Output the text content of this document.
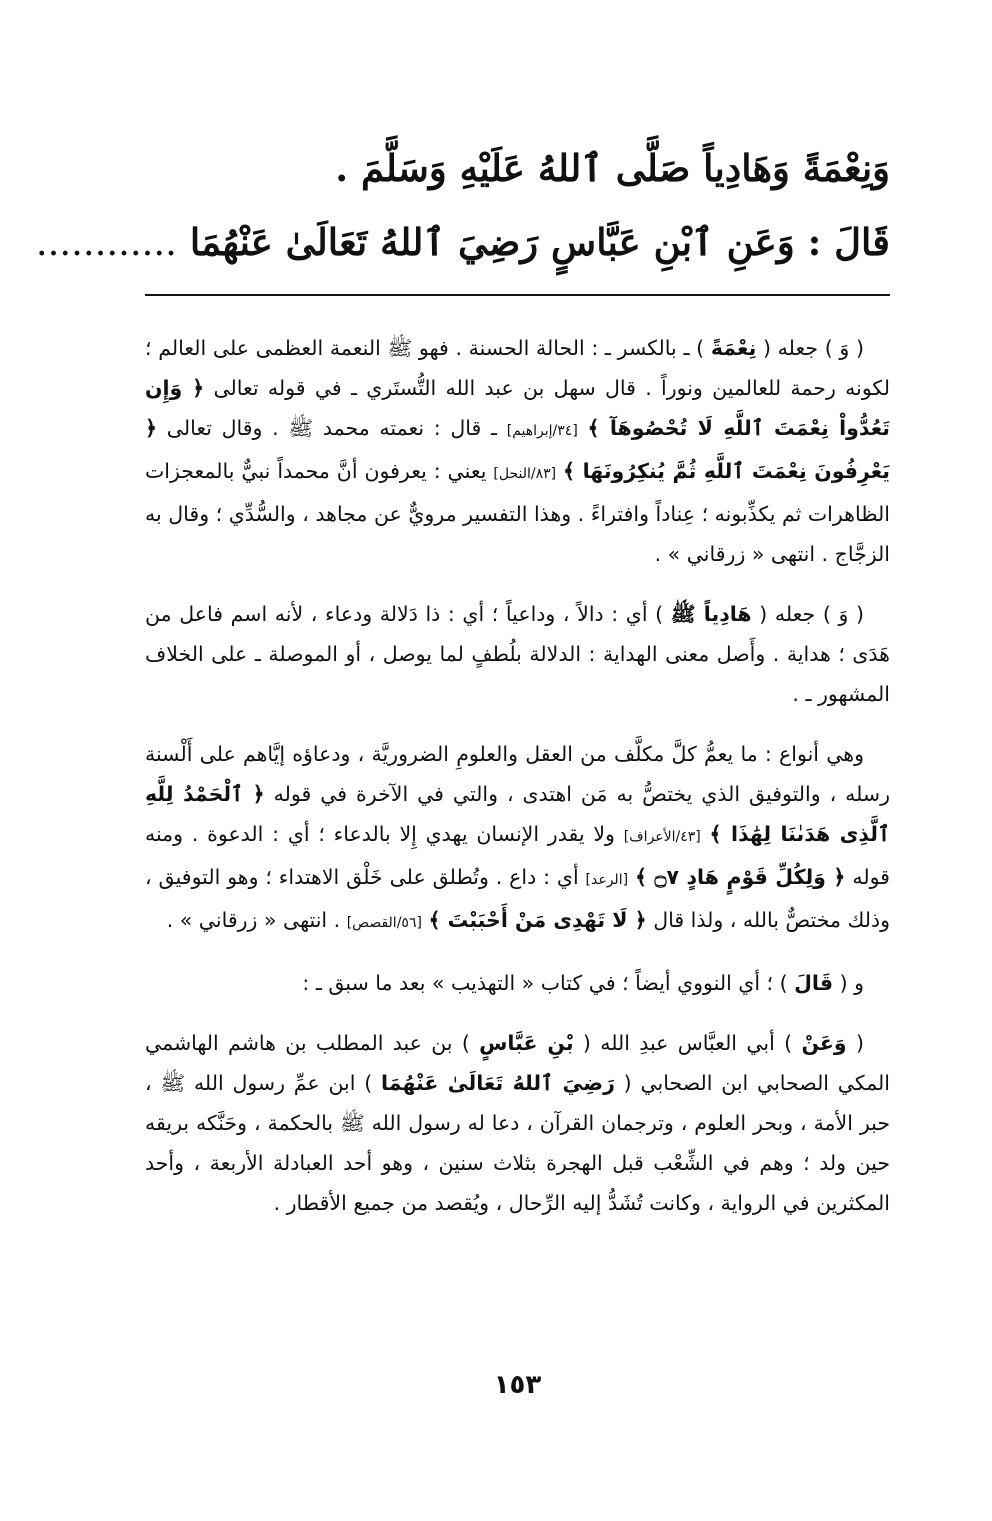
وَنِعْمَةً وَهَادِياً صَلَّى ٱللهُ عَلَيْهِ وَسَلَّمَ .
قَالَ : وَعَنِ ٱبْنِ عَبَّاسٍ رَضِيَ ٱللهُ تَعَالَىٰ عَنْهُمَا ............

( وَ ) جعله ( نِعْمَةً ) ـ بالكسر ـ : الحالة الحسنة . فهو ﷺ النعمة العظمى على العالم ؛ لكونه رحمة للعالمين ونوراً . قال سهل بن عبد الله التُّستَري ـ في قوله تعالى ﴿ وَإِن تَعُدُّواْ نِعْمَتَ ٱللَّهِ لَا تُحْصُوهَآ ﴾ [٣٤/إبراهيم] ـ قال : نعمته محمد ﷺ . وقال تعالى ﴿ يَعْرِفُونَ نِعْمَتَ ٱللَّهِ ثُمَّ يُنكِرُونَهَا ﴾ [٨٣/النحل] يعني : يعرفون أنَّ محمداً نبيٌّ بالمعجزات الظاهرات ثم يكذِّبونه ؛ عِناداً وافتراءً . وهذا التفسير مرويٌّ عن مجاهد ، والسُّدِّي ؛ وقال به الزجَّاج . انتهى « زرقاني » .

( وَ ) جعله ( هَادِياً ﷺ ) أي : دالاً ، وداعياً ؛ أي : ذا دَلالة ودعاء ، لأنه اسم فاعل من هَدَى ؛ هداية . وأَصل معنى الهداية : الدلالة بلُطفٍ لما يوصل ، أو الموصلة ـ على الخلاف المشهور ـ .

وهي أنواع : ما يعمُّ كلَّ مكلَّف من العقل والعلومِ الضروريَّة ، ودعاؤه إيَّاهم على أَلْسنة رسله ، والتوفيق الذي يختصُّ به مَن اهتدى ، والتي في الآخرة في قوله ﴿ ٱلْحَمْدُ لِلَّهِ ٱلَّذِى هَدَىٰنَا لِهَٰذَا ﴾ [٤٣/الأعراف] ولا يقدر الإنسان يهدي إِلا بالدعاء ؛ أي : الدعوة . ومنه قوله ﴿ وَلِكُلِّ قَوْمٍ هَادٍ ۝٧ ﴾ [الرعد] أي : داع . وتُطلق على خَلْق الاهتداء ؛ وهو التوفيق ، وذلك مختصٌّ بالله ، ولذا قال ﴿ لَا تَهْدِى مَنْ أَحْبَبْتَ ﴾ [٥٦/القصص] . انتهى « زرقاني » .

و ( قَالَ ) ؛ أي النووي أيضاً ؛ في كتاب « التهذيب » بعد ما سبق ـ :

( وَعَنْ ) أبي العبَّاس عبدِ الله ( بْنِ عَبَّاسٍ ) بن عبد المطلب بن هاشم الهاشمي المكي الصحابي ابن الصحابي ( رَضِيَ ٱللهُ تَعَالَىٰ عَنْهُمَا ) ابن عمِّ رسول الله ﷺ ، حبر الأمة ، وبحر العلوم ، وترجمان القرآن ، دعا له رسول الله ﷺ بالحكمة ، وحَنَّكه بريقه حين ولد ؛ وهم في الشِّعْب قبل الهجرة بثلاث سنين ، وهو أحد العبادلة الأربعة ، وأحد المكثرين في الرواية ، وكانت تُشَدُّ إليه الرِّحال ، ويُقصد من جميع الأقطار .

١٥٣
